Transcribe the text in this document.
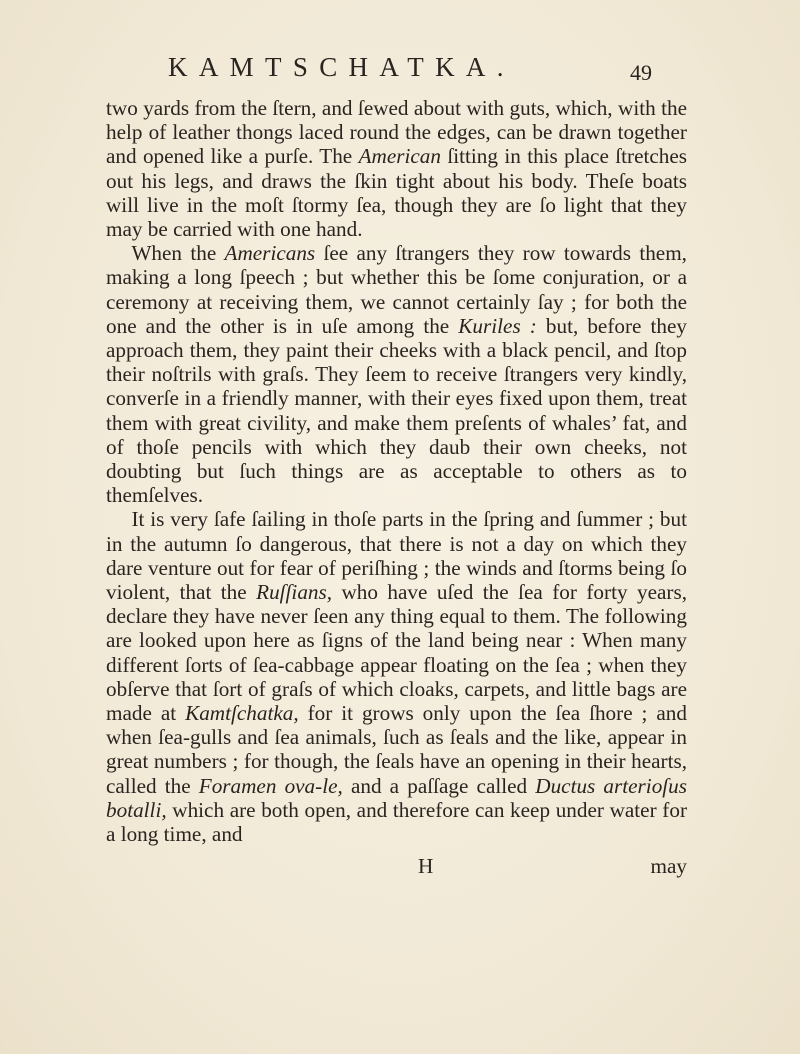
KAMTSCHATKA.	49

two yards from the ſtern, and ſewed about with guts, which, with the help of leather thongs laced round the edges, can be drawn together and opened like a purſe. The American ſitting in this place ſtretches out his legs, and draws the ſkin tight about his body. Theſe boats will live in the moſt ſtormy ſea, though they are ſo light that they may be carried with one hand.

When the Americans ſee any ſtrangers they row towards them, making a long ſpeech ; but whether this be ſome conjuration, or a ceremony at receiving them, we cannot certainly ſay ; for both the one and the other is in uſe among the Kuriles : but, before they approach them, they paint their cheeks with a black pencil, and ſtop their noſtrils with graſs. They ſeem to receive ſtrangers very kindly, converſe in a friendly manner, with their eyes fixed upon them, treat them with great civility, and make them preſents of whales’ fat, and of thoſe pencils with which they daub their own cheeks, not doubting but ſuch things are as acceptable to others as to themſelves.

It is very ſafe ſailing in thoſe parts in the ſpring and ſummer ; but in the autumn ſo dangerous, that there is not a day on which they dare venture out for fear of periſhing ; the winds and ſtorms being ſo violent, that the Ruſſians, who have uſed the ſea for forty years, declare they have never ſeen any thing equal to them. The following are looked upon here as ſigns of the land being near : When many different ſorts of ſea-cabbage appear floating on the ſea ; when they obſerve that ſort of graſs of which cloaks, carpets, and little bags are made at Kamtſchatka, for it grows only upon the ſea ſhore ; and when ſea-gulls and ſea animals, ſuch as ſeals and the like, appear in great numbers ; for though, the ſeals have an opening in their hearts, called the Foramen ova-le, and a paſſage called Ductus arterioſus botalli, which are both open, and therefore can keep under water for a long time, and

H	may
